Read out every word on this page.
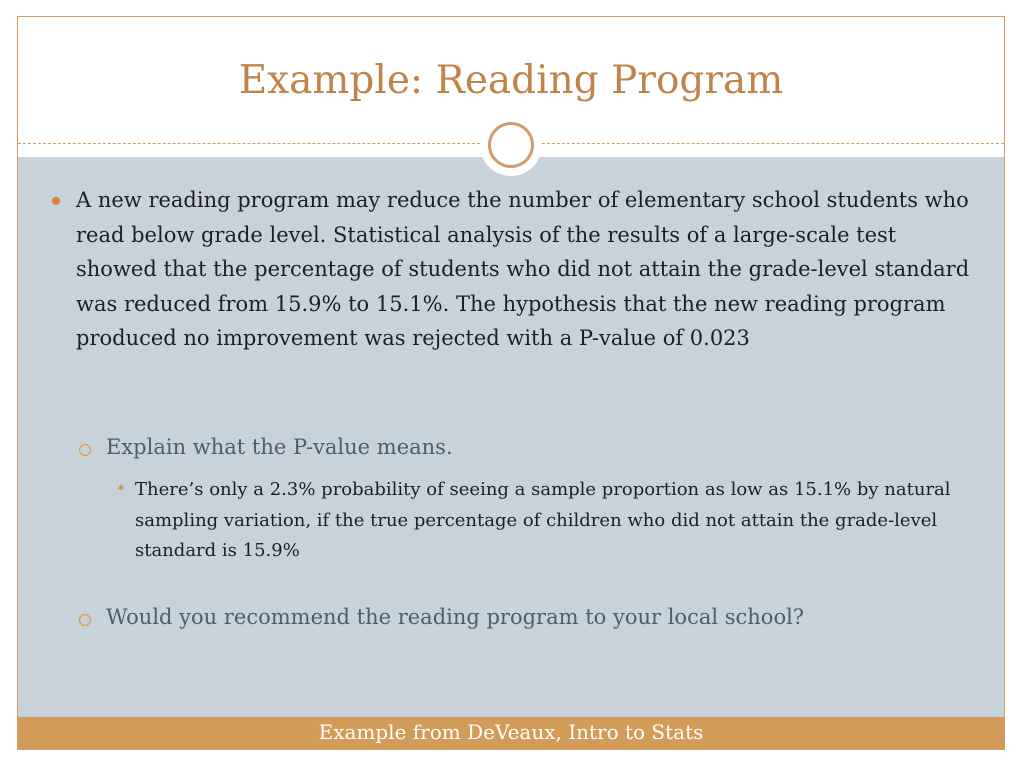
Example: Reading Program
A new reading program may reduce the number of elementary school students who read below grade level. Statistical analysis of the results of a large-scale test showed that the percentage of students who did not attain the grade-level standard was reduced from 15.9% to 15.1%. The hypothesis that the new reading program produced no improvement was rejected with a P-value of 0.023
Explain what the P-value means.
✶ There’s only a 2.3% probability of seeing a sample proportion as low as 15.1% by natural sampling variation, if the true percentage of children who did not attain the grade-level standard is 15.9%
Would you recommend the reading program to your local school?
Example from DeVeaux, Intro to Stats
